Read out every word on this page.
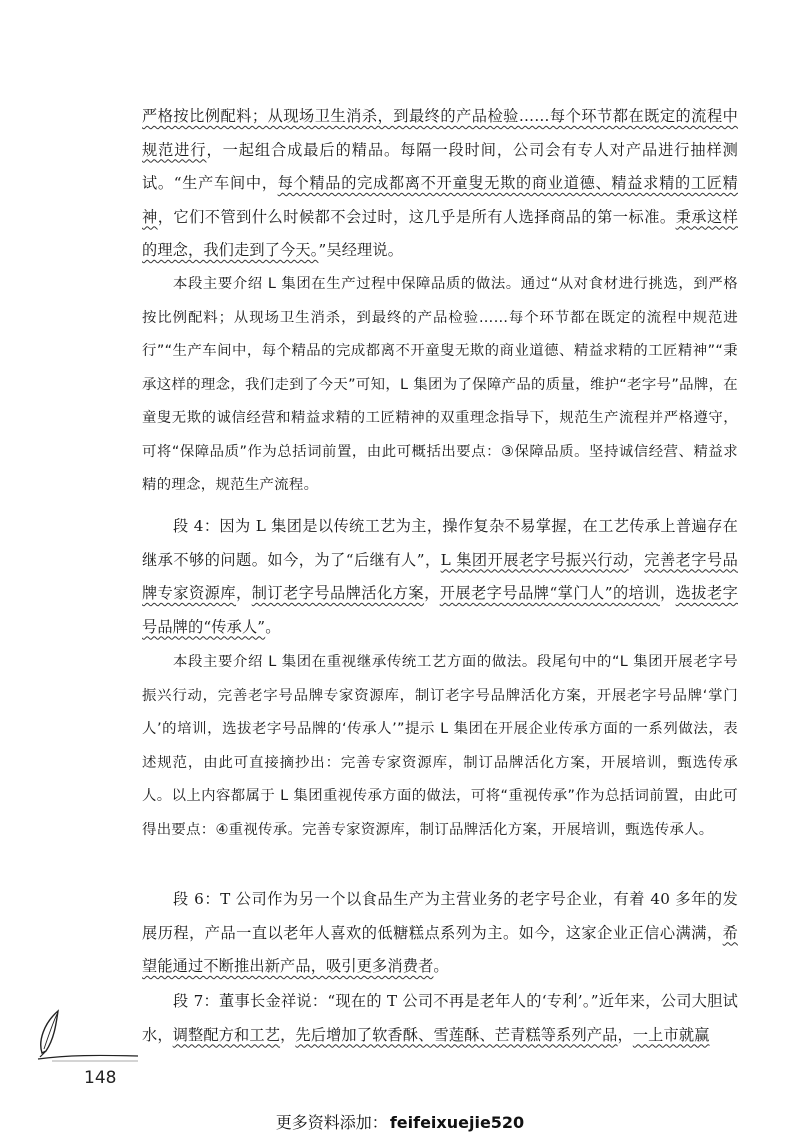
严格按比例配料；从现场卫生消杀，到最终的产品检验……每个环节都在既定的流程中规范进行，一起组合成最后的精品。每隔一段时间，公司会有专人对产品进行抽样测试。“生产车间中，每个精品的完成都离不开童叟无欺的商业道德、精益求精的工匠精神，它们不管到什么时候都不会过时，这几乎是所有人选择商品的第一标准。秉承这样的理念，我们走到了今天。”吴经理说。

本段主要介绍 L 集团在生产过程中保障品质的做法。通过“从对食材进行挑选，到严格按比例配料；从现场卫生消杀，到最终的产品检验……每个环节都在既定的流程中规范进行”“生产车间中，每个精品的完成都离不开童叟无欺的商业道德、精益求精的工匠精神”“秉承这样的理念，我们走到了今天”可知，L 集团为了保障产品的质量，维护“老字号”品牌，在童叟无欺的诚信经营和精益求精的工匠精神的双重理念指导下，规范生产流程并严格遵守，可将“保障品质”作为总括词前置，由此可概括出要点：③保障品质。坚持诚信经营、精益求精的理念，规范生产流程。

段 4：因为 L 集团是以传统工艺为主，操作复杂不易掌握，在工艺传承上普遍存在继承不够的问题。如今，为了“后继有人”，L 集团开展老字号振兴行动，完善老字号品牌专家资源库，制订老字号品牌活化方案，开展老字号品牌“掌门人”的培训，选拔老字号品牌的“传承人”。

本段主要介绍 L 集团在重视继承传统工艺方面的做法。段尾句中的“L 集团开展老字号振兴行动，完善老字号品牌专家资源库，制订老字号品牌活化方案，开展老字号品牌‘掌门人’的培训，选拔老字号品牌的‘传承人’”提示 L 集团在开展企业传承方面的一系列做法，表述规范，由此可直接摘抄出：完善专家资源库，制订品牌活化方案，开展培训，甄选传承人。以上内容都属于 L 集团重视传承方面的做法，可将“重视传承”作为总括词前置，由此可得出要点：④重视传承。完善专家资源库，制订品牌活化方案，开展培训，甄选传承人。

段 6：T 公司作为另一个以食品生产为主营业务的老字号企业，有着 40 多年的发展历程，产品一直以老年人喜欢的低糖糕点系列为主。如今，这家企业正信心满满，希望能通过不断推出新产品，吸引更多消费者。

段 7：董事长金祥说：“现在的 T 公司不再是老年人的‘专利’。”近年来，公司大胆试水，调整配方和工艺，先后增加了软香酥、雪莲酥、芒青糕等系列产品，一上市就赢

148
更多资料添加： feifeixuejie520
